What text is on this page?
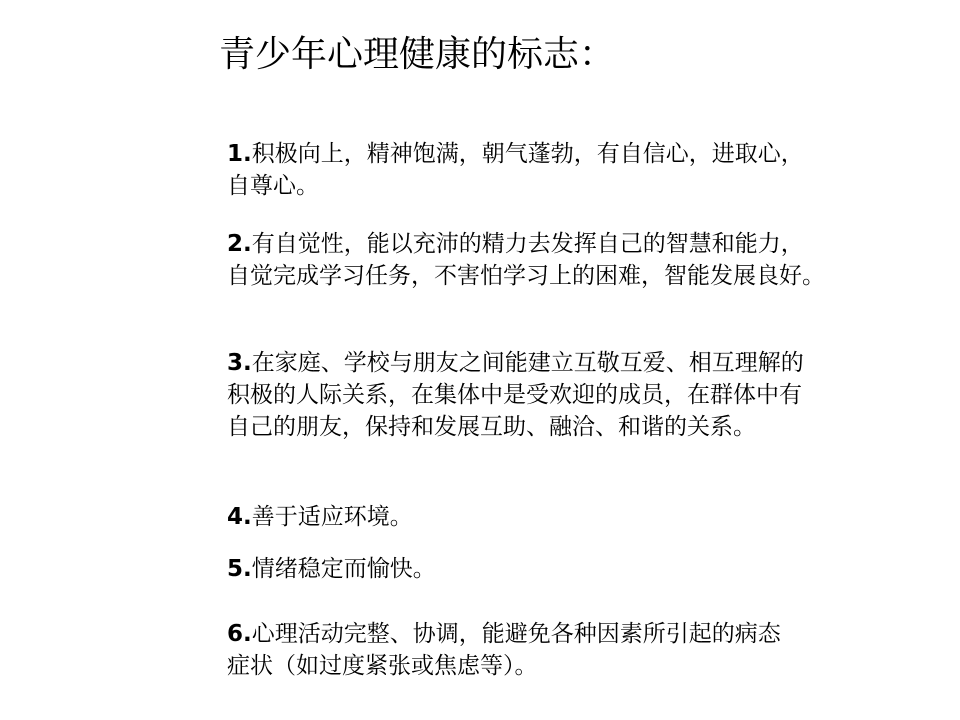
青少年心理健康的标志：
1.积极向上，精神饱满，朝气蓬勃，有自信心，进取心，
自尊心。
2.有自觉性，能以充沛的精力去发挥自己的智慧和能力，
自觉完成学习任务，不害怕学习上的困难，智能发展良好。
3.在家庭、学校与朋友之间能建立互敬互爱、相互理解的
积极的人际关系，在集体中是受欢迎的成员，在群体中有
自己的朋友，保持和发展互助、融洽、和谐的关系。
4.善于适应环境。
5.情绪稳定而愉快。
6.心理活动完整、协调，能避免各种因素所引起的病态
症状（如过度紧张或焦虑等）。
